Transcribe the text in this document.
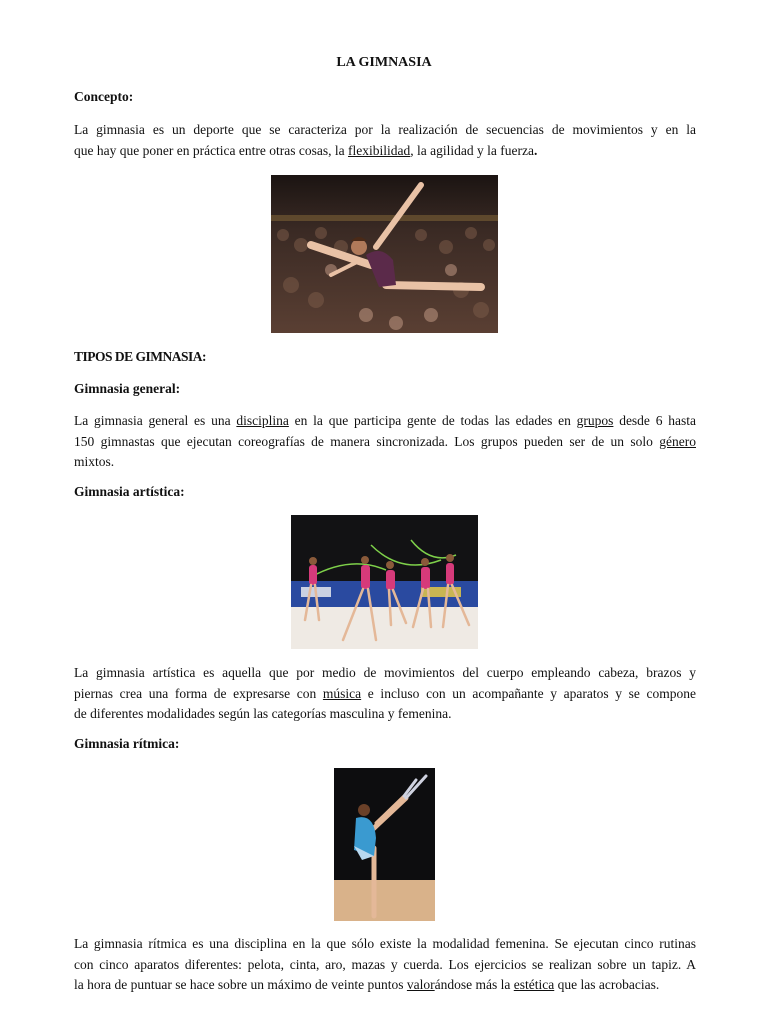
LA GIMNASIA
Concepto:
La gimnasia es un deporte que se caracteriza por la realización de secuencias de movimientos y en la
que hay que poner en práctica entre otras cosas, la flexibilidad, la agilidad y la fuerza.
TIPOS DE GIMNASIA:
Gimnasia general:
La gimnasia general es una disciplina en la que participa gente de todas las edades en grupos desde 6 hasta
150 gimnastas que ejecutan coreografías de manera sincronizada. Los grupos pueden ser de un solo género
mixtos.
Gimnasia artística:
La gimnasia artística es aquella que por medio de movimientos del cuerpo empleando cabeza, brazos y
piernas crea una forma de expresarse con música e incluso con un acompañante y aparatos y se compone
de diferentes modalidades según las categorías masculina y femenina.
Gimnasia rítmica:
La gimnasia rítmica es una disciplina en la que sólo existe la modalidad femenina. Se ejecutan cinco rutinas
con cinco aparatos diferentes: pelota, cinta, aro, mazas y cuerda. Los ejercicios se realizan sobre un tapiz. A
la hora de puntuar se hace sobre un máximo de veinte puntos valorándose más la estética que las acrobacias.
